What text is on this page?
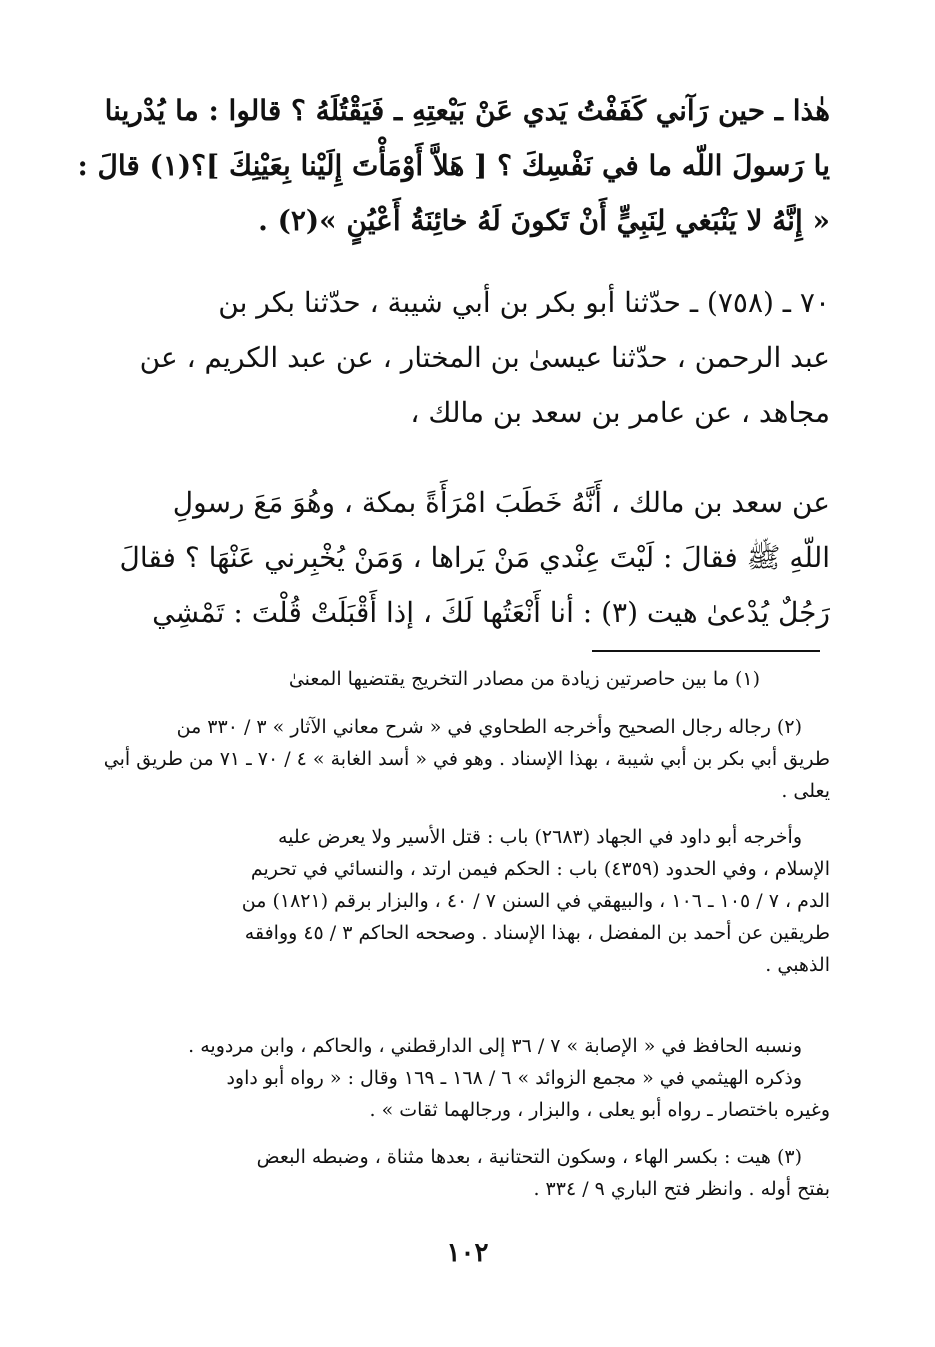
هٰذا ـ حين رَآني كَفَفْتُ يَدي عَنْ بَيْعتِهِ ـ فَيَقْتُلَهُ ؟ قالوا : ما يُدْرينا
يا رَسولَ اللّه ما في نَفْسِكَ ؟ [ هَلاَّ أَوْمَأْتَ إِلَيْنا بِعَيْنِكَ ]؟(١) قالَ :
« إِنَّهُ لا يَنْبَغي لِنَبِيٍّ أَنْ تَكونَ لَهُ خائِنَةُ أَعْيُنٍ »(٢) .
٧٠ ـ (٧٥٨) ـ حدّثنا أبو بكر بن أبي شيبة ، حدّثنا بكر بن
عبد الرحمن ، حدّثنا عيسىٰ بن المختار ، عن عبد الكريم ، عن
مجاهد ، عن عامر بن سعد بن مالك ،
عن سعد بن مالك ، أَنَّهُ خَطَبَ امْرَأَةً بمكة ، وهُوَ مَعَ رسولِ
اللّهِ ﷺ فقالَ : لَيْتَ عِنْدي مَنْ يَراها ، وَمَنْ يُخْبِرني عَنْهَا ؟ فقالَ
رَجُلٌ يُدْعىٰ هيت (٣) : أنا أَنْعَتُها لَكَ ، إذا أَقْبَلَتْ قُلْتَ : تَمْشِي
(١) ما بين حاصرتين زيادة من مصادر التخريج يقتضيها المعنىٰ
(٢) رجاله رجال الصحيح وأخرجه الطحاوي في « شرح معاني الآثار » ٣ / ٣٣٠ من
طريق أبي بكر بن أبي شيبة ، بهذا الإسناد . وهو في « أسد الغابة » ٤ / ٧٠ ـ ٧١ من طريق أبي
يعلى .
وأخرجه أبو داود في الجهاد (٢٦٨٣) باب : قتل الأسير ولا يعرض عليه
الإسلام ، وفي الحدود (٤٣٥٩) باب : الحكم فيمن ارتد ، والنسائي في تحريم
الدم ، ٧ / ١٠٥ ـ ١٠٦ ، والبيهقي في السنن ٧ / ٤٠ ، والبزار برقم (١٨٢١) من
طريقين عن أحمد بن المفضل ، بهذا الإسناد . وصححه الحاكم ٣ / ٤٥ ووافقه
الذهبي .
ونسبه الحافظ في « الإصابة » ٧ / ٣٦ إلى الدارقطني ، والحاكم ، وابن مردويه .
وذكره الهيثمي في « مجمع الزوائد » ٦ / ١٦٨ ـ ١٦٩ وقال : « رواه أبو داود
وغيره باختصار ـ رواه أبو يعلى ، والبزار ، ورجالهما ثقات » .
(٣) هيت : بكسر الهاء ، وسكون التحتانية ، بعدها مثناة ، وضبطه البعض
بفتح أوله . وانظر فتح الباري ٩ / ٣٣٤ .
١٠٢
